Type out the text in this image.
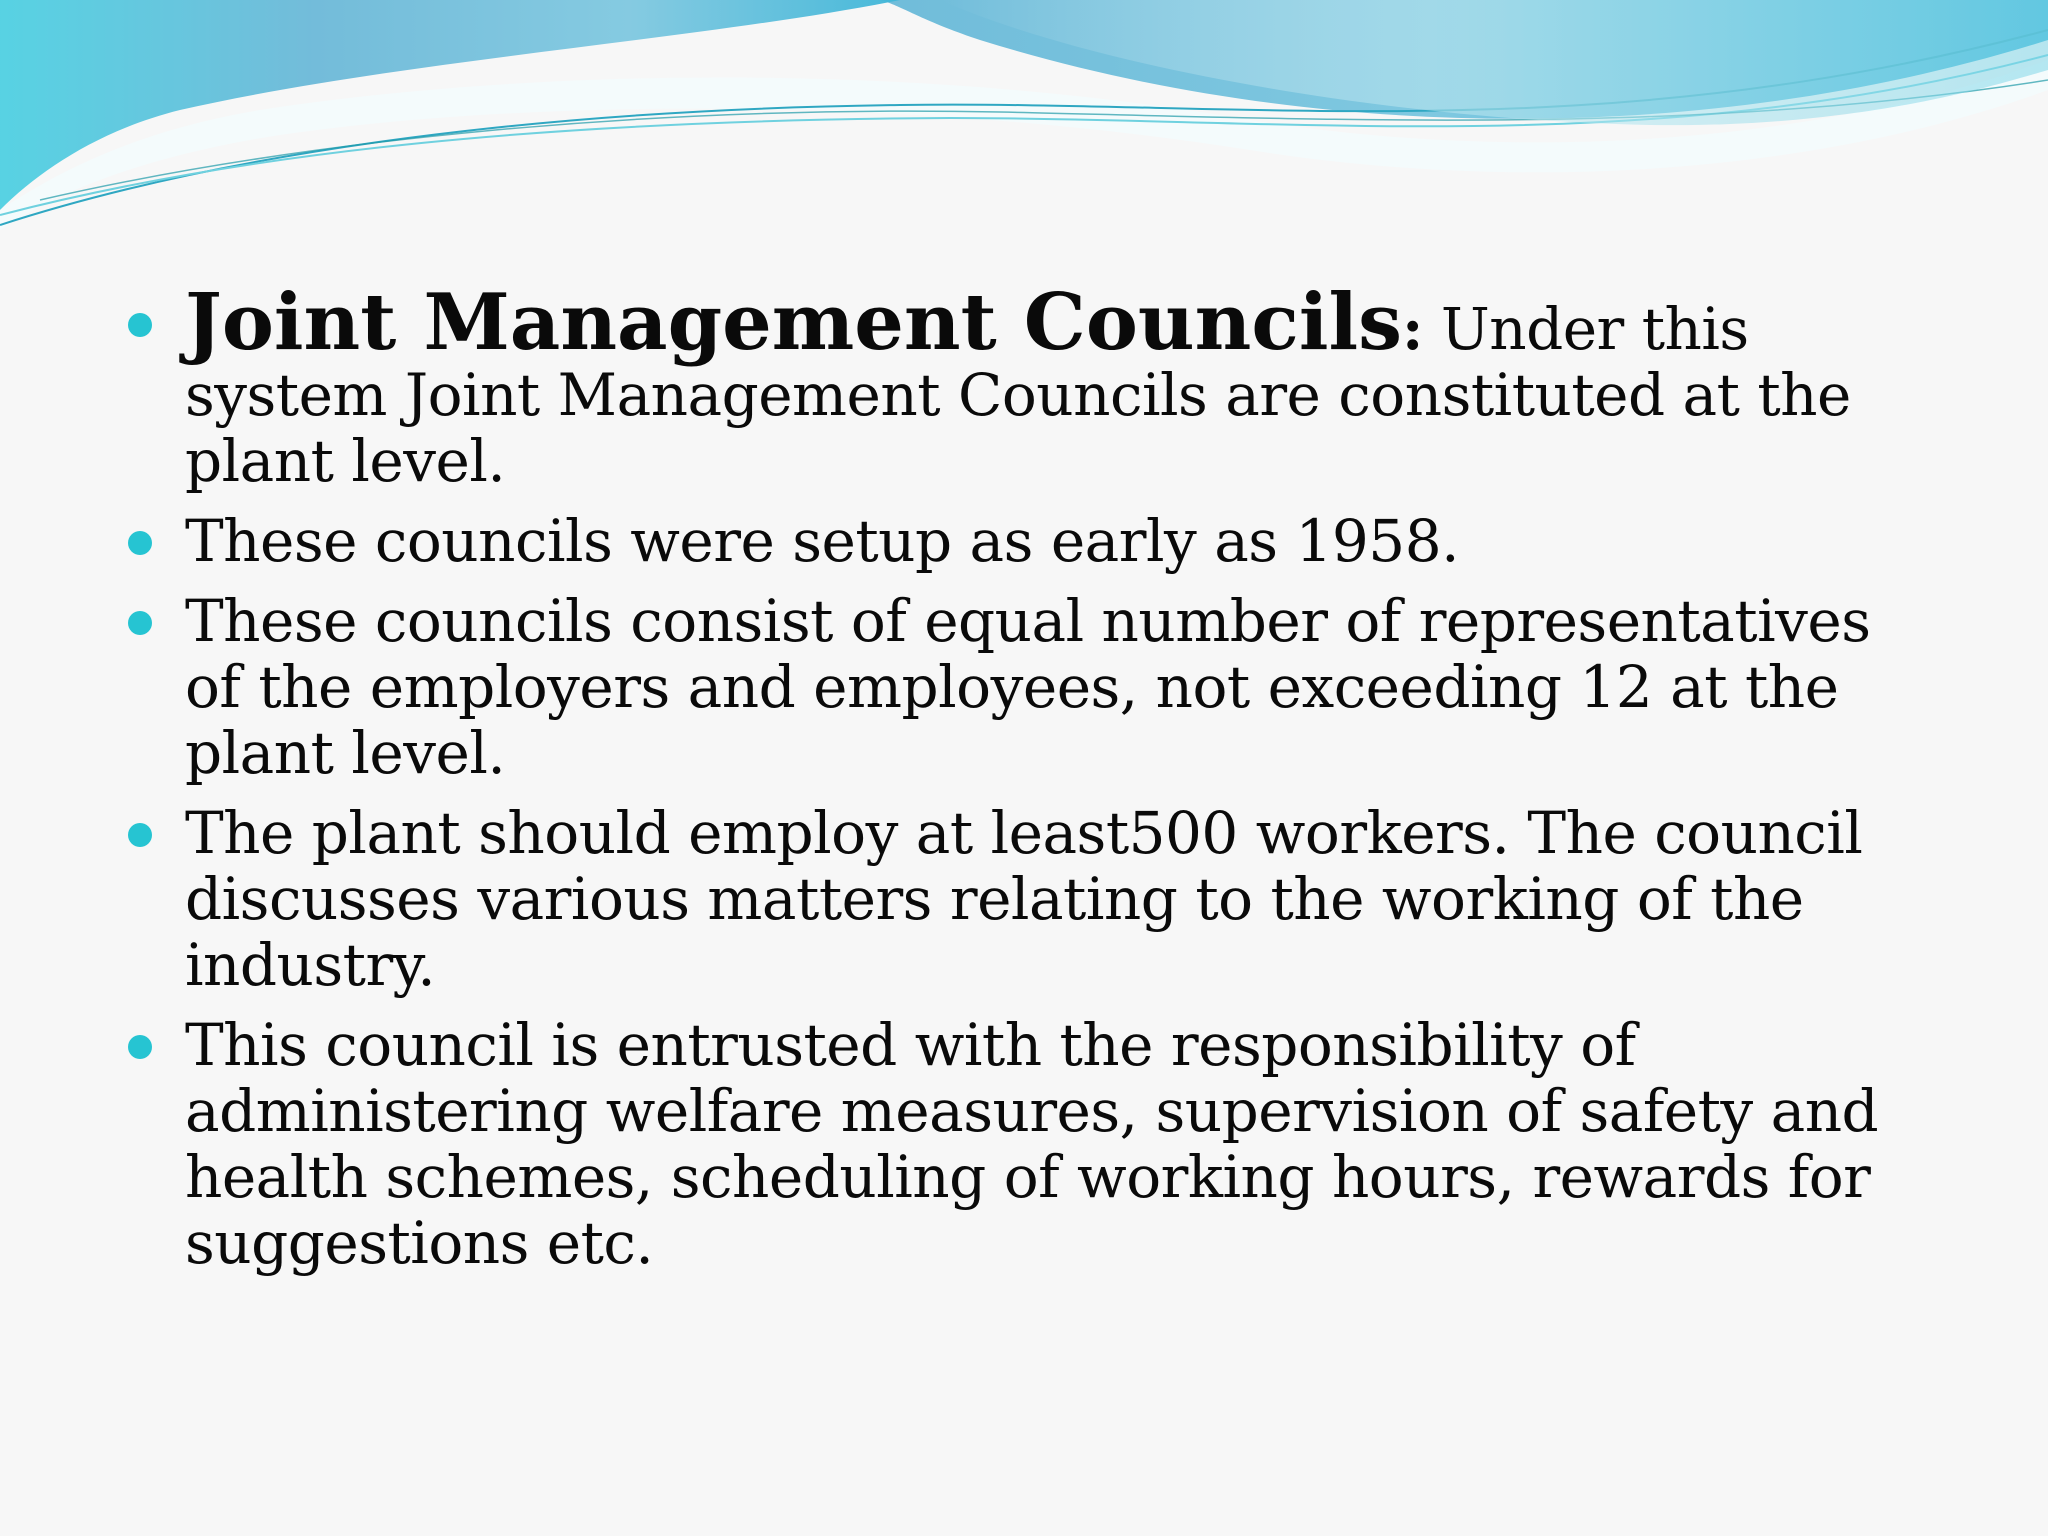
Joint Management Councils: Under this system Joint Management Councils are constituted at the plant level.
These councils were setup as early as 1958.
These councils consist of equal number of representatives of the employers and employees, not exceeding 12 at the plant level.
The plant should employ at least500 workers. The council discusses various matters relating to the working of the industry.
This council is entrusted with the responsibility of administering welfare measures, supervision of safety and health schemes, scheduling of working hours, rewards for suggestions etc.
